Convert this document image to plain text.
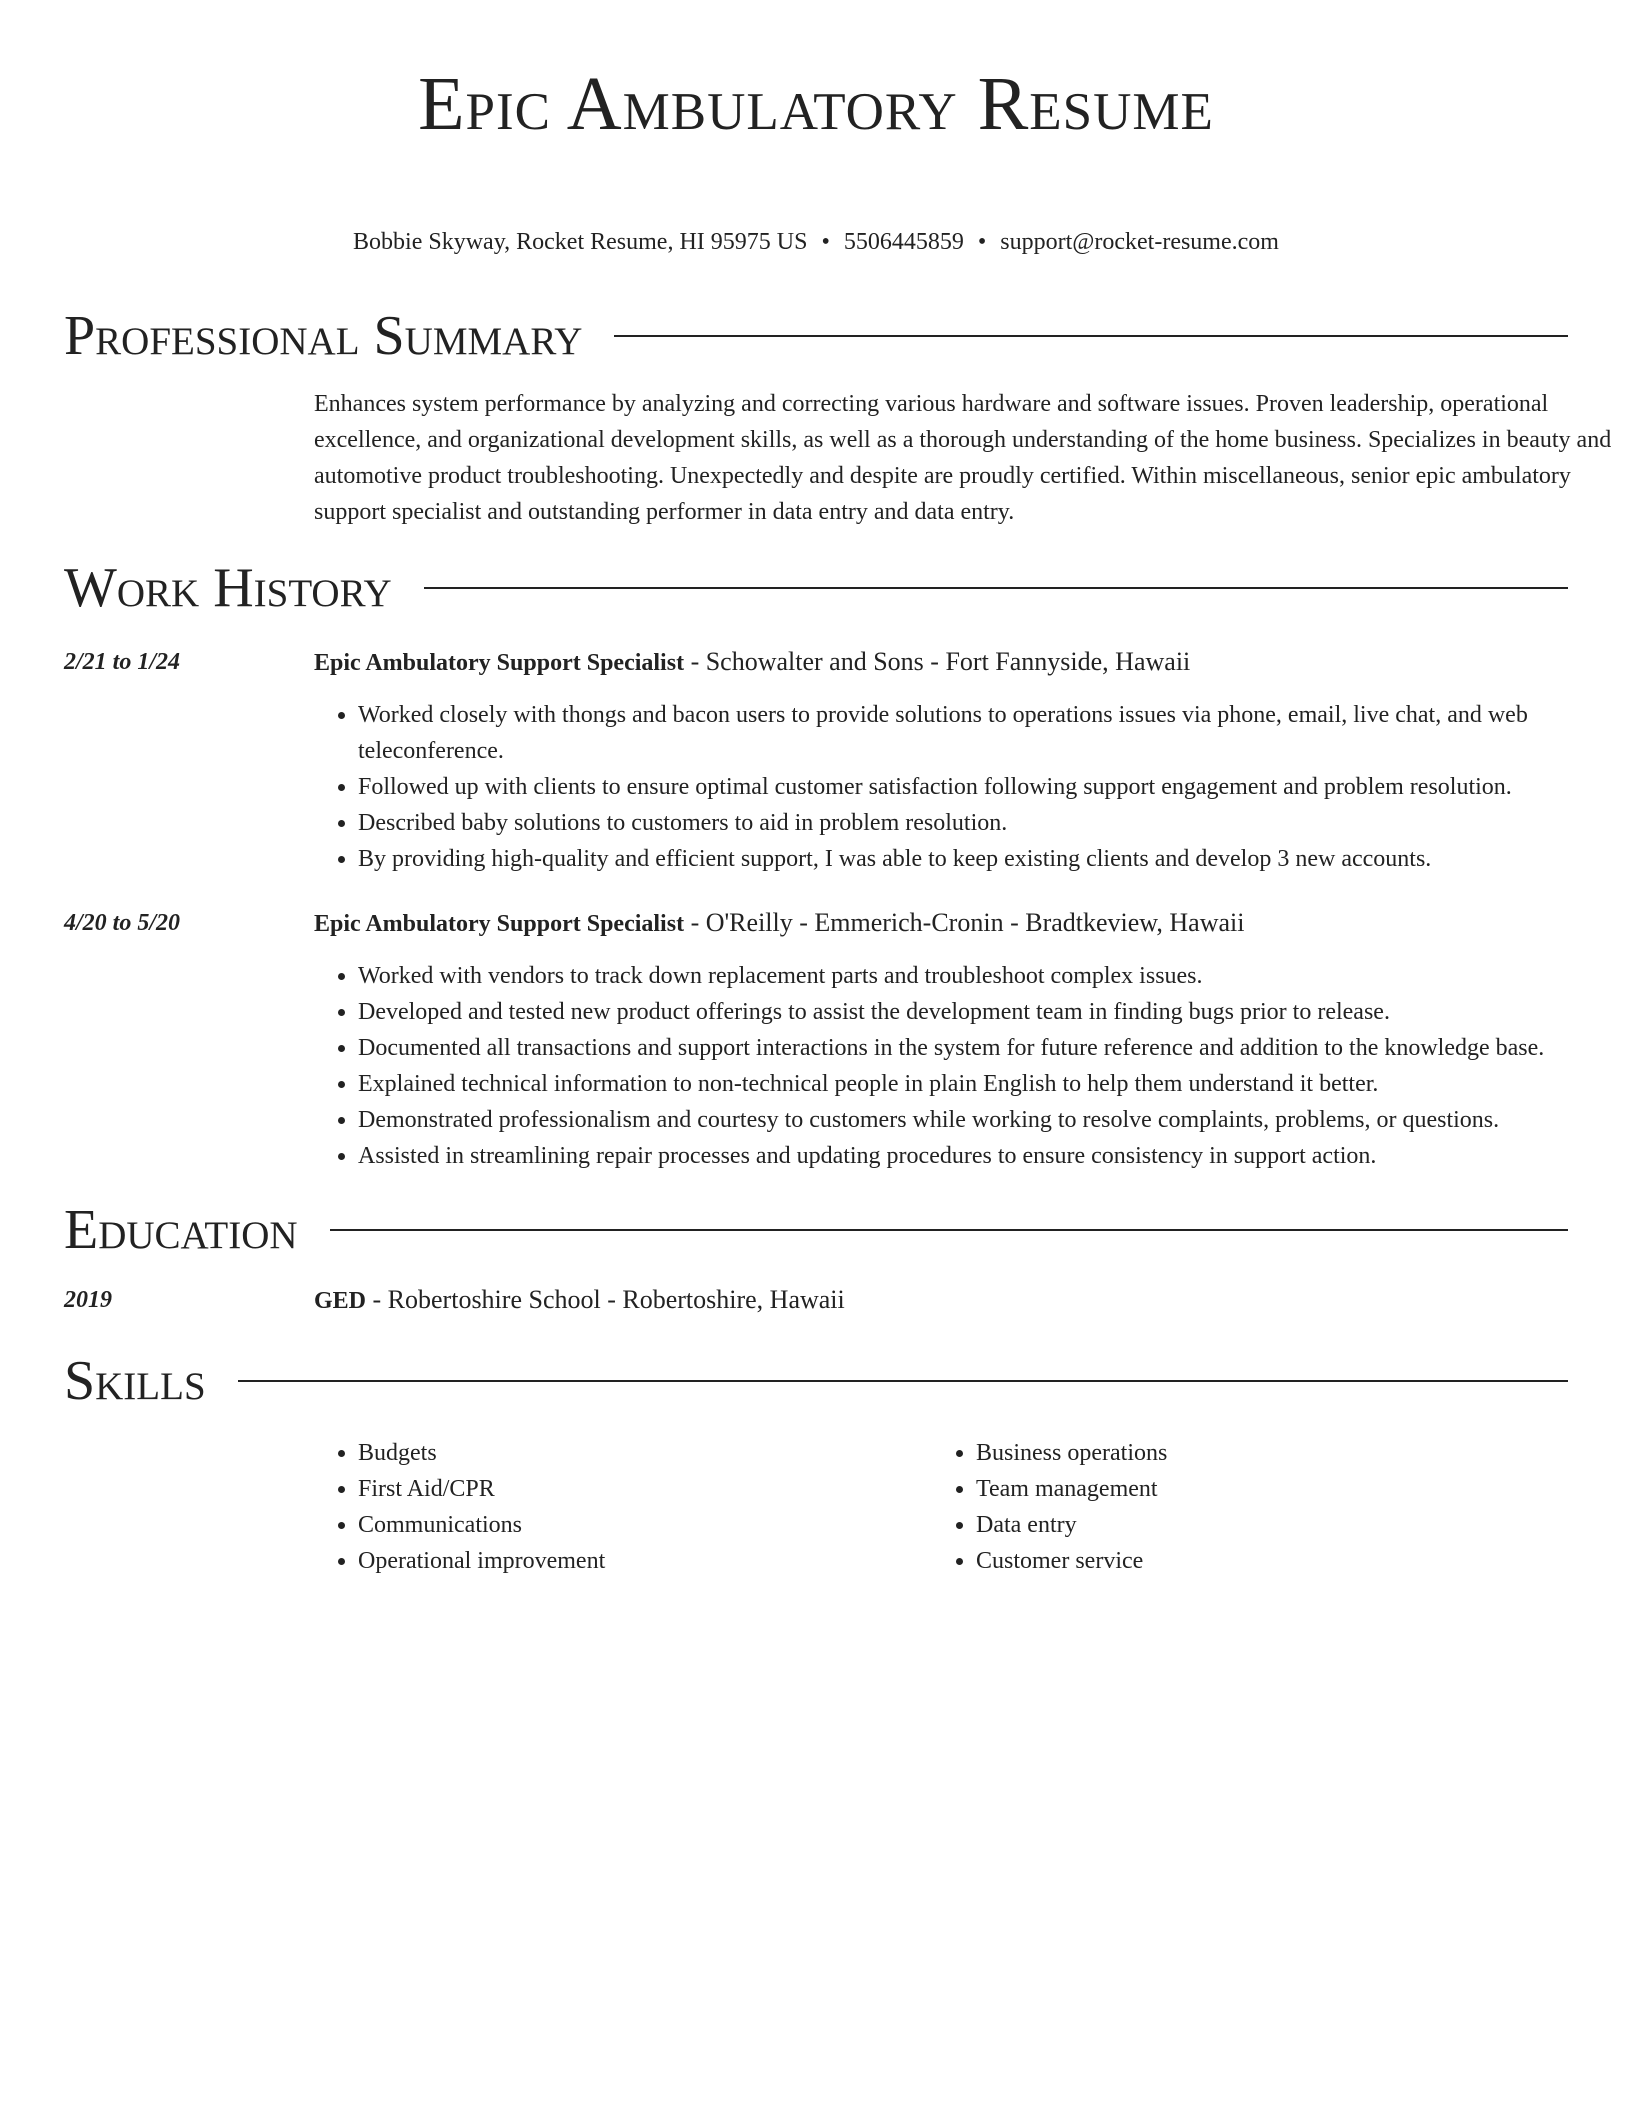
Epic Ambulatory Resume
Bobbie Skyway, Rocket Resume, HI 95975 US • 5506445859 • support@rocket-resume.com
Professional Summary

Enhances system performance by analyzing and correcting various hardware and software issues. Proven leadership, operational excellence, and organizational development skills, as well as a thorough understanding of the home business. Specializes in beauty and automotive product troubleshooting. Unexpectedly and despite are proudly certified. Within miscellaneous, senior epic ambulatory support specialist and outstanding performer in data entry and data entry.

Work History
2/21 to 1/24	Epic Ambulatory Support Specialist - Schowalter and Sons - Fort Fannyside, Hawaii
• Worked closely with thongs and bacon users to provide solutions to operations issues via phone, email, live chat, and web teleconference.
• Followed up with clients to ensure optimal customer satisfaction following support engagement and problem resolution.
• Described baby solutions to customers to aid in problem resolution.
• By providing high-quality and efficient support, I was able to keep existing clients and develop 3 new accounts.
4/20 to 5/20	Epic Ambulatory Support Specialist - O'Reilly - Emmerich-Cronin - Bradtkeview, Hawaii
• Worked with vendors to track down replacement parts and troubleshoot complex issues.
• Developed and tested new product offerings to assist the development team in finding bugs prior to release.
• Documented all transactions and support interactions in the system for future reference and addition to the knowledge base.
• Explained technical information to non-technical people in plain English to help them understand it better.
• Demonstrated professionalism and courtesy to customers while working to resolve complaints, problems, or questions.
• Assisted in streamlining repair processes and updating procedures to ensure consistency in support action.
Education
2019	GED - Robertoshire School - Robertoshire, Hawaii
Skills
• Budgets
• First Aid/CPR
• Communications
• Operational improvement
• Business operations
• Team management
• Data entry
• Customer service
